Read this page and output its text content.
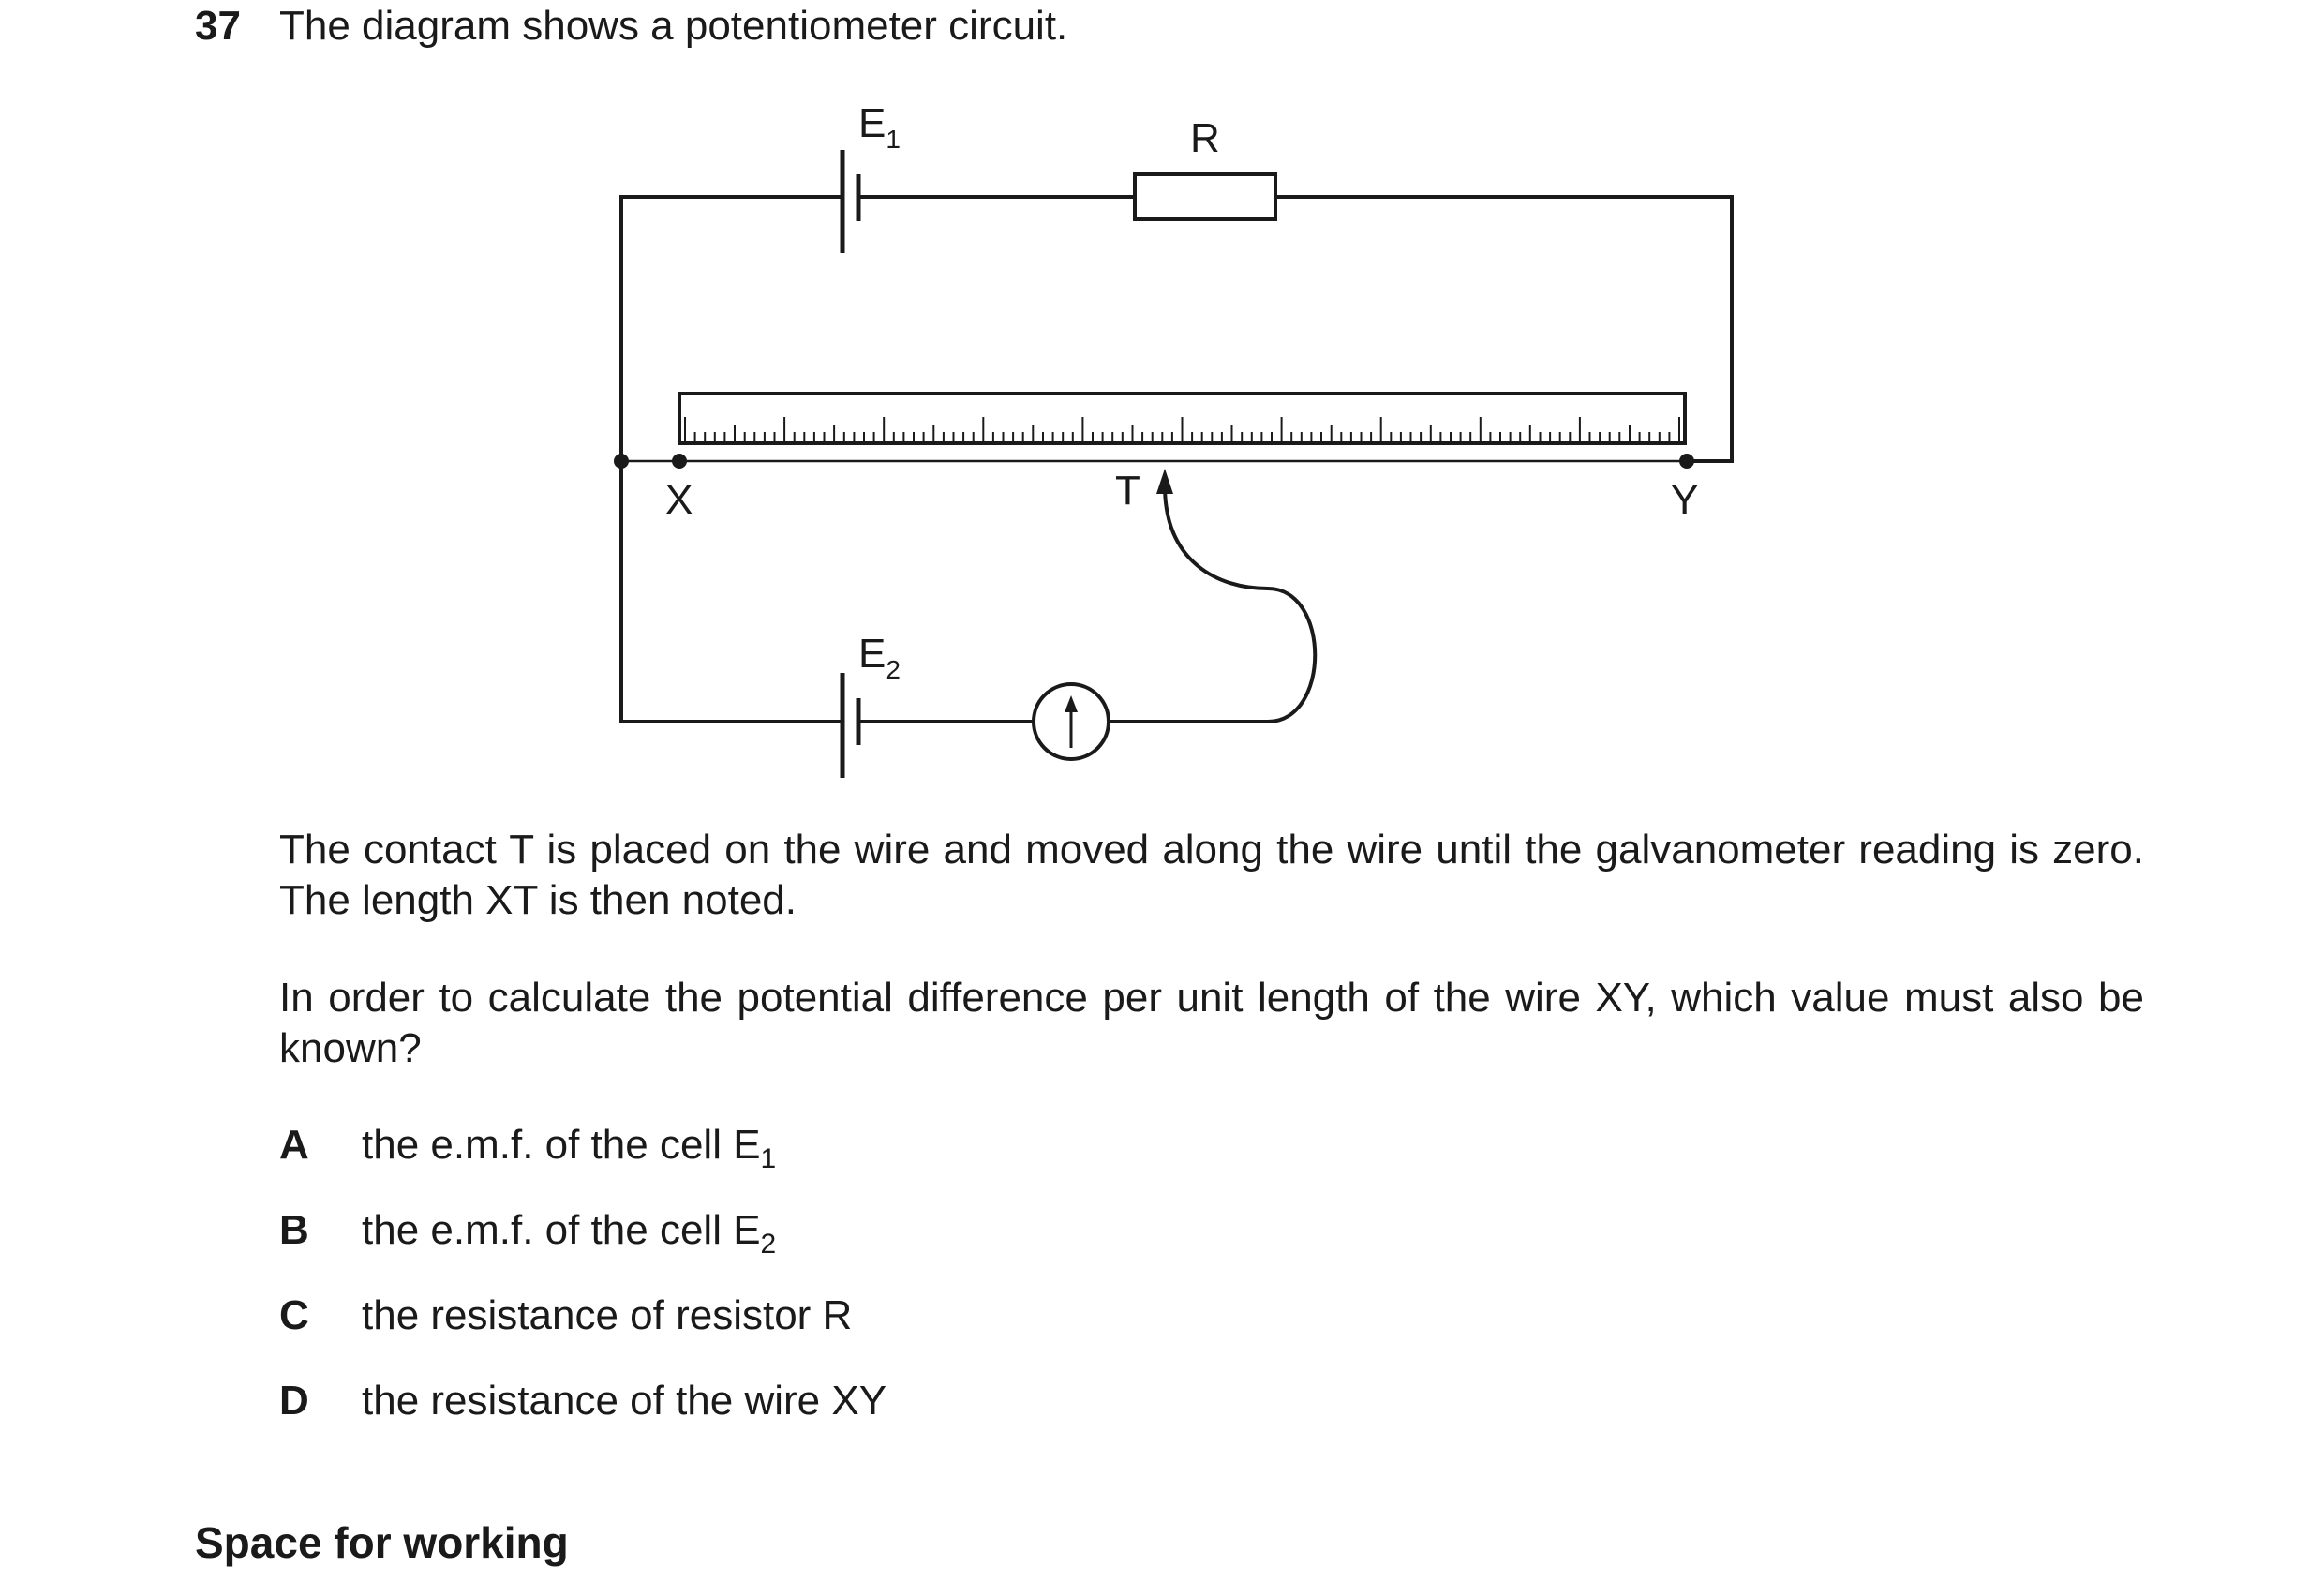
37 The diagram shows a potentiometer circuit.
$E_1$	R
X	T	Y
$E_2$
The contact T is placed on the wire and moved along the wire until the galvanometer reading is zero. The length XT is then noted.
In order to calculate the potential difference per unit length of the wire XY, which value must also be known?
A the e.m.f. of the cell $E_1$
B the e.m.f. of the cell $E_2$
C the resistance of resistor R
D the resistance of the wire XY
Space for working
